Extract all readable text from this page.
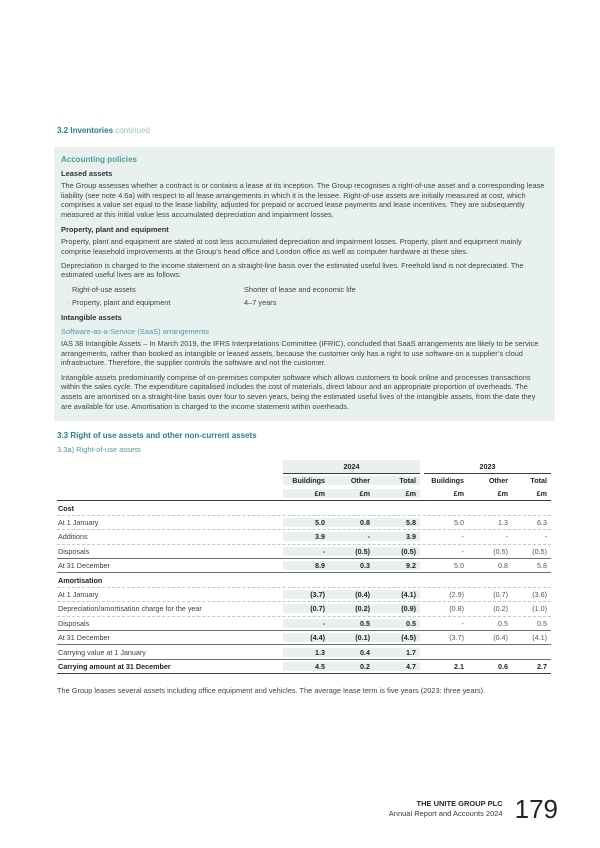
3.2 Inventories continued
Accounting policies
Leased assets

The Group assesses whether a contract is or contains a lease at its inception. The Group recognises a right-of-use asset and a corresponding lease liability (see note 4.6a) with respect to all lease arrangements in which it is the lessee. Right-of-use assets are initially measured at cost, which comprises a value set equal to the lease liability, adjusted for prepaid or accrued lease payments and lease incentives. They are subsequently measured at this initial value less accumulated depreciation and impairment losses.

Property, plant and equipment

Property, plant and equipment are stated at cost less accumulated depreciation and impairment losses. Property, plant and equipment mainly comprise leasehold improvements at the Group’s head office and London office as well as computer hardware at these sites.

Depreciation is charged to the income statement on a straight-line basis over the estimated useful lives. Freehold land is not depreciated. The estimated useful lives are as follows:

· Right-of-use assets	Shorter of lease and economic life
· Property, plant and equipment	4–7 years
Intangible assets
Software-as-a-Service (SaaS) arrangements

IAS 38 Intangible Assets – In March 2019, the IFRS Interpretations Committee (IFRIC), concluded that SaaS arrangements are likely to be service arrangements, rather than booked as intangible or leased assets, because the customer only has a right to use software on a supplier’s cloud infrastructure. Therefore, the supplier controls the software and not the customer.

Intangible assets predominantly comprise of on-premises computer software which allows customers to book online and processes transactions within the sales cycle. The expenditure capitalised includes the cost of materials, direct labour and an appropriate proportion of overheads. The assets are amortised on a straight-line basis over four to seven years, being the estimated useful lives of the intangible assets, from the date they are available for use. Amortisation is charged to the income statement within overheads.

3.3 Right of use assets and other non-current assets
3.3a) Right-of-use assets
2024	2023
Buildings	Other	Total	Buildings	Other	Total
£m	£m	£m	£m	£m	£m
Cost
At 1 January	5.0	0.8	5.8	5.0	1.3	6.3
Additions	3.9	-	3.9	-	-	-
Disposals	-	(0.5)	(0.5)	-	(0.5)	(0.5)
At 31 December	8.9	0.3	9.2	5.0	0.8	5.8
Amortisation
At 1 January	(3.7)	(0.4)	(4.1)	(2.9)	(0.7)	(3.6)
Depreciation/amortisation charge for the year	(0.7)	(0.2)	(0.9)	(0.8)	(0.2)	(1.0)
Disposals	-	0.5	0.5	-	0.5	0.5
At 31 December	(4.4)	(0.1)	(4.5)	(3.7)	(0.4)	(4.1)
Carrying value at 1 January	1.3	0.4	1.7
Carrying amount at 31 December	4.5	0.2	4.7	2.1	0.6	2.7

The Group leases several assets including office equipment and vehicles. The average lease term is five years (2023: three years).

THE UNITE GROUP PLC
Annual Report and Accounts 2024 179
